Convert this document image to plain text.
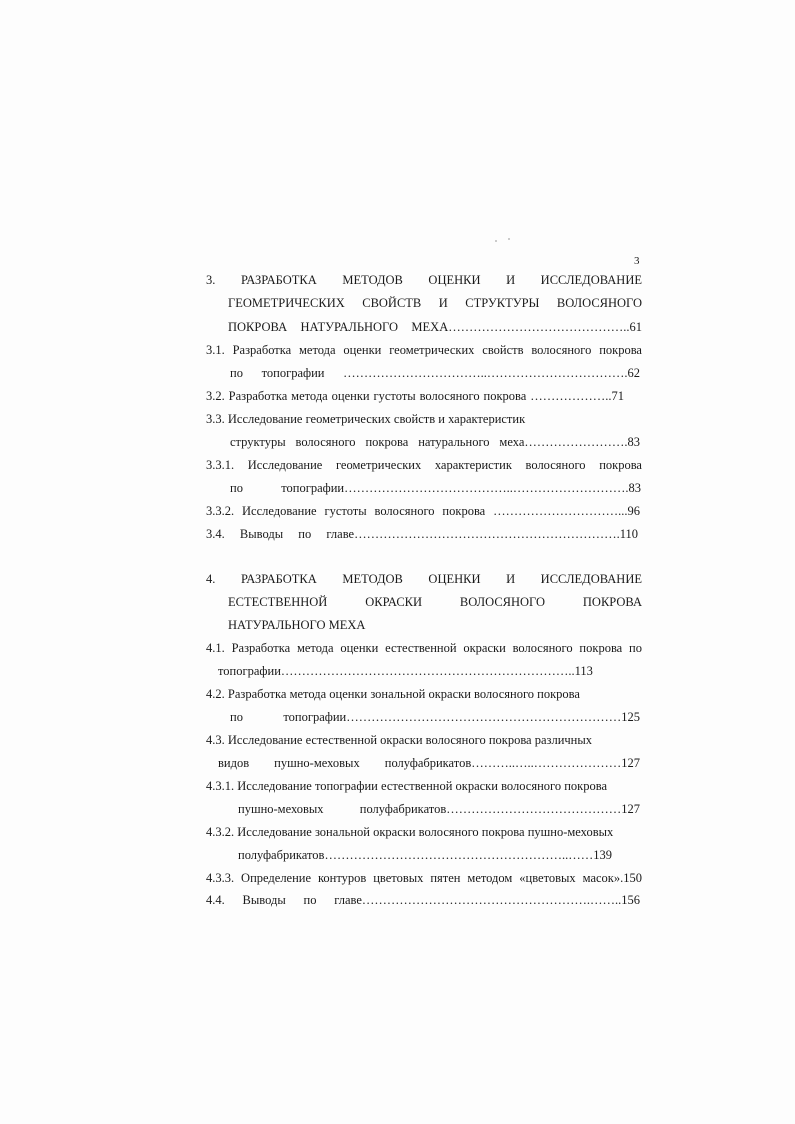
3
3. РАЗРАБОТКА МЕТОДОВ ОЦЕНКИ И ИССЛЕДОВАНИЕ
ГЕОМЕТРИЧЕСКИХ СВОЙСТВ И СТРУКТУРЫ ВОЛОСЯНОГО
ПОКРОВА НАТУРАЛЬНОГО МЕХА……………………………………..61
3.1. Разработка метода оценки геометрических свойств волосяного покрова
по топографии ……………………………..…………………………….62
3.2. Разработка метода оценки густоты волосяного покрова ………………..71
3.3. Исследование геометрических свойств и характеристик
структуры волосяного покрова натурального меха…………………….83
3.3.1. Исследование геометрических характеристик волосяного покрова
по топографии…………………………………..……………………….83
3.3.2. Исследование густоты волосяного покрова …………………………...96
3.4. Выводы по главе……………………………………………………….110
4. РАЗРАБОТКА МЕТОДОВ ОЦЕНКИ И ИССЛЕДОВАНИЕ
ЕСТЕСТВЕННОЙ ОКРАСКИ ВОЛОСЯНОГО ПОКРОВА
НАТУРАЛЬНОГО МЕХА
4.1. Разработка метода оценки естественной окраски волосяного покрова по
топографии……………………………………………………………..113
4.2. Разработка метода оценки зональной окраски волосяного покрова
по топографии…………………………………………………………125
4.3. Исследование естественной окраски волосяного покрова различных
видов пушно-меховых полуфабрикатов………..…..…………………127
4.3.1. Исследование топографии естественной окраски волосяного покрова
пушно-меховых полуфабрикатов……………………………………127
4.3.2. Исследование зональной окраски волосяного покрова пушно-меховых
полуфабрикатов…………………………………………………..……139
4.3.3. Определение контуров цветовых пятен методом «цветовых масок».150
4.4. Выводы по главе……………………………………………….……..156
